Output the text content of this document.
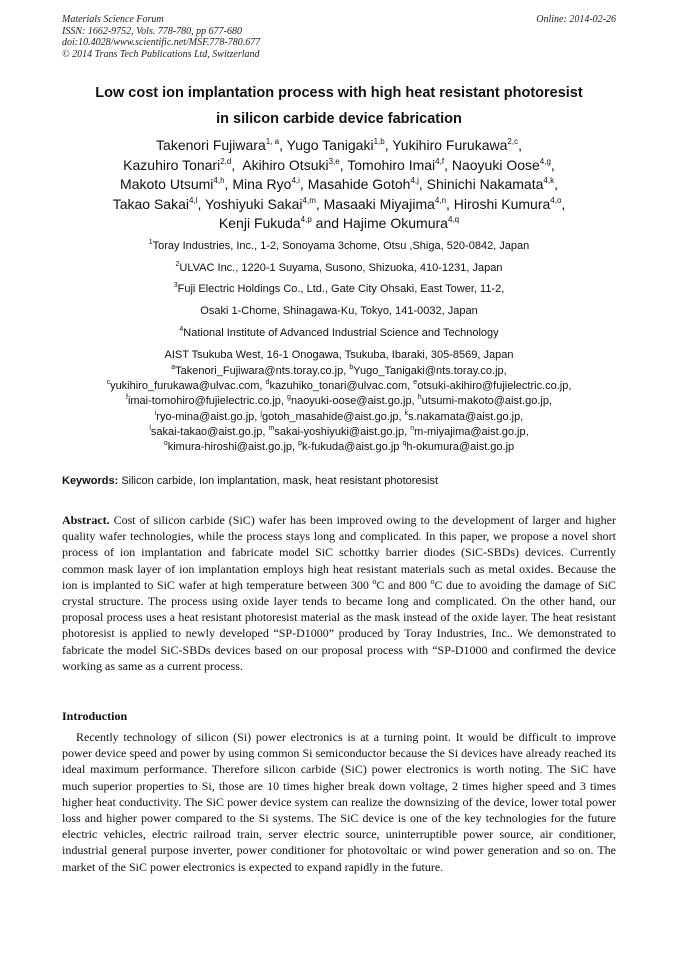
Materials Science Forum
ISSN: 1662-9752, Vols. 778-780, pp 677-680
doi:10.4028/www.scientific.net/MSF.778-780.677
© 2014 Trans Tech Publications Ltd, Switzerland
Online: 2014-02-26
Low cost ion implantation process with high heat resistant photoresist
in silicon carbide device fabrication
Takenori Fujiwara$^{1, a}$, Yugo Tanigaki$^{1,b}$, Yukihiro Furukawa$^{2,c}$,
Kazuhiro Tonari$^{2,d}$,  Akihiro Otsuki$^{3,e}$, Tomohiro Imai$^{4,f}$, Naoyuki Oose$^{4,g}$,
Makoto Utsumi$^{4,h}$, Mina Ryo$^{4,i}$, Masahide Gotoh$^{4,j}$, Shinichi Nakamata$^{4,k}$,
Takao Sakai$^{4,l}$, Yoshiyuki Sakai$^{4,m}$, Masaaki Miyajima$^{4,n}$, Hiroshi Kumura$^{4,o}$,
Kenji Fukuda$^{4,p}$ and Hajime Okumura$^{4,q}$
$^1$Toray Industries, Inc., 1-2, Sonoyama 3chome, Otsu ,Shiga, 520-0842, Japan
$^2$ULVAC Inc., 1220-1 Suyama, Susono, Shizuoka, 410-1231, Japan
$^3$Fuji Electric Holdings Co., Ltd., Gate City Ohsaki, East Tower, 11-2,
Osaki 1-Chome, Shinagawa-Ku, Tokyo, 141-0032, Japan
$^4$National Institute of Advanced Industrial Science and Technology
AIST Tsukuba West, 16-1 Onogawa, Tsukuba, Ibaraki, 305-8569, Japan
$^a$Takenori_Fujiwara@nts.toray.co.jp, $^b$Yugo_Tanigaki@nts.toray.co.jp,
$^c$yukihiro_furukawa@ulvac.com, $^d$kazuhiko_tonari@ulvac.com, $^e$otsuki-akihiro@fujielectric.co.jp,
$^f$imai-tomohiro@fujielectric.co.jp, $^g$naoyuki-oose@aist.go.jp, $^h$utsumi-makoto@aist.go.jp,
$^i$ryo-mina@aist.go.jp, $^j$gotoh_masahide@aist.go.jp, $^k$s.nakamata@aist.go.jp,
$^l$sakai-takao@aist.go.jp, $^m$sakai-yoshiyuki@aist.go.jp, $^n$m-miyajima@aist.go.jp,
$^o$kimura-hiroshi@aist.go.jp, $^p$k-fukuda@aist.go.jp $^q$h-okumura@aist.go.jp
Keywords: Silicon carbide, Ion implantation, mask, heat resistant photoresist
Abstract. Cost of silicon carbide (SiC) wafer has been improved owing to the development of larger and higher quality wafer technologies, while the process stays long and complicated. In this paper, we propose a novel short process of ion implantation and fabricate model SiC schottky barrier diodes (SiC-SBDs) devices. Currently common mask layer of ion implantation employs high heat resistant materials such as metal oxides. Because the ion is implanted to SiC wafer at high temperature between 300 $^o$C and 800 $^o$C due to avoiding the damage of SiC crystal structure. The process using oxide layer tends to became long and complicated. On the other hand, our proposal process uses a heat resistant photoresist material as the mask instead of the oxide layer. The heat resistant photoresist is applied to newly developed “SP-D1000” produced by Toray Industries, Inc.. We demonstrated to fabricate the model SiC-SBDs devices based on our proposal process with “SP-D1000 and confirmed the device working as same as a current process.
Introduction

Recently technology of silicon (Si) power electronics is at a turning point. It would be difficult to improve power device speed and power by using common Si semiconductor because the Si devices have already reached its ideal maximum performance. Therefore silicon carbide (SiC) power electronics is worth noting. The SiC have much superior properties to Si, those are 10 times higher break down voltage, 2 times higher speed and 3 times higher heat conductivity. The SiC power device system can realize the downsizing of the device, lower total power loss and higher power compared to the Si systems. The SiC device is one of the key technologies for the future electric vehicles, electric railroad train, server electric source, uninterruptible power source, air conditioner, industrial general purpose inverter, power conditioner for photovoltaic or wind power generation and so on. The market of the SiC power electronics is expected to expand rapidly in the future.
